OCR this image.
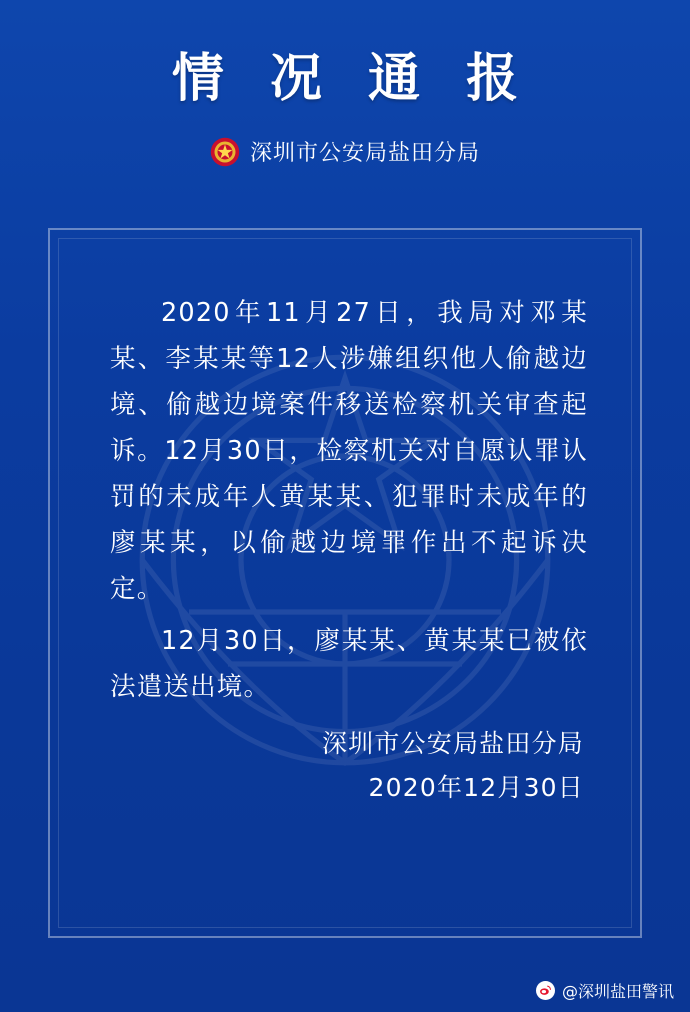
情 况 通 报
深圳市公安局盐田分局

2020年11月27日，我局对邓某某、李某某等12人涉嫌组织他人偷越边境、偷越边境案件移送检察机关审查起诉。12月30日，检察机关对自愿认罪认罚的未成年人黄某某、犯罪时未成年的廖某某，以偷越边境罪作出不起诉决定。

12月30日，廖某某、黄某某已被依法遣送出境。

深圳市公安局盐田分局
2020年12月30日
@深圳盐田警讯
